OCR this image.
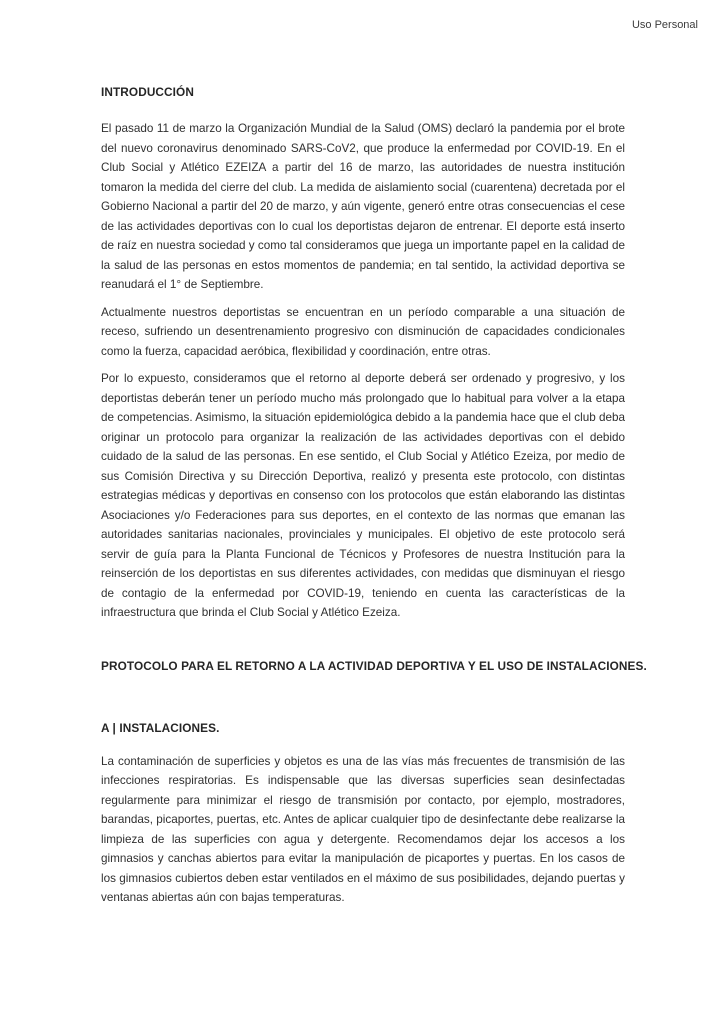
Uso Personal
INTRODUCCIÓN

El pasado 11 de marzo la Organización Mundial de la Salud (OMS) declaró la pandemia por el brote del nuevo coronavirus denominado SARS-CoV2, que produce la enfermedad por COVID-19. En el Club Social y Atlético EZEIZA a partir del 16 de marzo, las autoridades de nuestra institución tomaron la medida del cierre del club. La medida de aislamiento social (cuarentena) decretada por el Gobierno Nacional a partir del 20 de marzo, y aún vigente, generó entre otras consecuencias el cese de las actividades deportivas con lo cual los deportistas dejaron de entrenar. El deporte está inserto de raíz en nuestra sociedad y como tal consideramos que juega un importante papel en la calidad de la salud de las personas en estos momentos de pandemia; en tal sentido, la actividad deportiva se reanudará el 1° de Septiembre.

Actualmente nuestros deportistas se encuentran en un período comparable a una situación de receso, sufriendo un desentrenamiento progresivo con disminución de capacidades condicionales como la fuerza, capacidad aeróbica, flexibilidad y coordinación, entre otras.

Por lo expuesto, consideramos que el retorno al deporte deberá ser ordenado y progresivo, y los deportistas deberán tener un período mucho más prolongado que lo habitual para volver a la etapa de competencias. Asimismo, la situación epidemiológica debido a la pandemia hace que el club deba originar un protocolo para organizar la realización de las actividades deportivas con el debido cuidado de la salud de las personas. En ese sentido, el Club Social y Atlético Ezeiza, por medio de sus Comisión Directiva y su Dirección Deportiva, realizó y presenta este protocolo, con distintas estrategias médicas y deportivas en consenso con los protocolos que están elaborando las distintas Asociaciones y/o Federaciones para sus deportes, en el contexto de las normas que emanan las autoridades sanitarias nacionales, provinciales y municipales. El objetivo de este protocolo será servir de guía para la Planta Funcional de Técnicos y Profesores de nuestra Institución para la reinserción de los deportistas en sus diferentes actividades, con medidas que disminuyan el riesgo de contagio de la enfermedad por COVID-19, teniendo en cuenta las características de la infraestructura que brinda el Club Social y Atlético Ezeiza.

PROTOCOLO PARA EL RETORNO A LA ACTIVIDAD DEPORTIVA Y EL USO DE INSTALACIONES.
A | INSTALACIONES.

La contaminación de superficies y objetos es una de las vías más frecuentes de transmisión de las infecciones respiratorias. Es indispensable que las diversas superficies sean desinfectadas regularmente para minimizar el riesgo de transmisión por contacto, por ejemplo, mostradores, barandas, picaportes, puertas, etc. Antes de aplicar cualquier tipo de desinfectante debe realizarse la limpieza de las superficies con agua y detergente. Recomendamos dejar los accesos a los gimnasios y canchas abiertos para evitar la manipulación de picaportes y puertas. En los casos de los gimnasios cubiertos deben estar ventilados en el máximo de sus posibilidades, dejando puertas y ventanas abiertas aún con bajas temperaturas.
